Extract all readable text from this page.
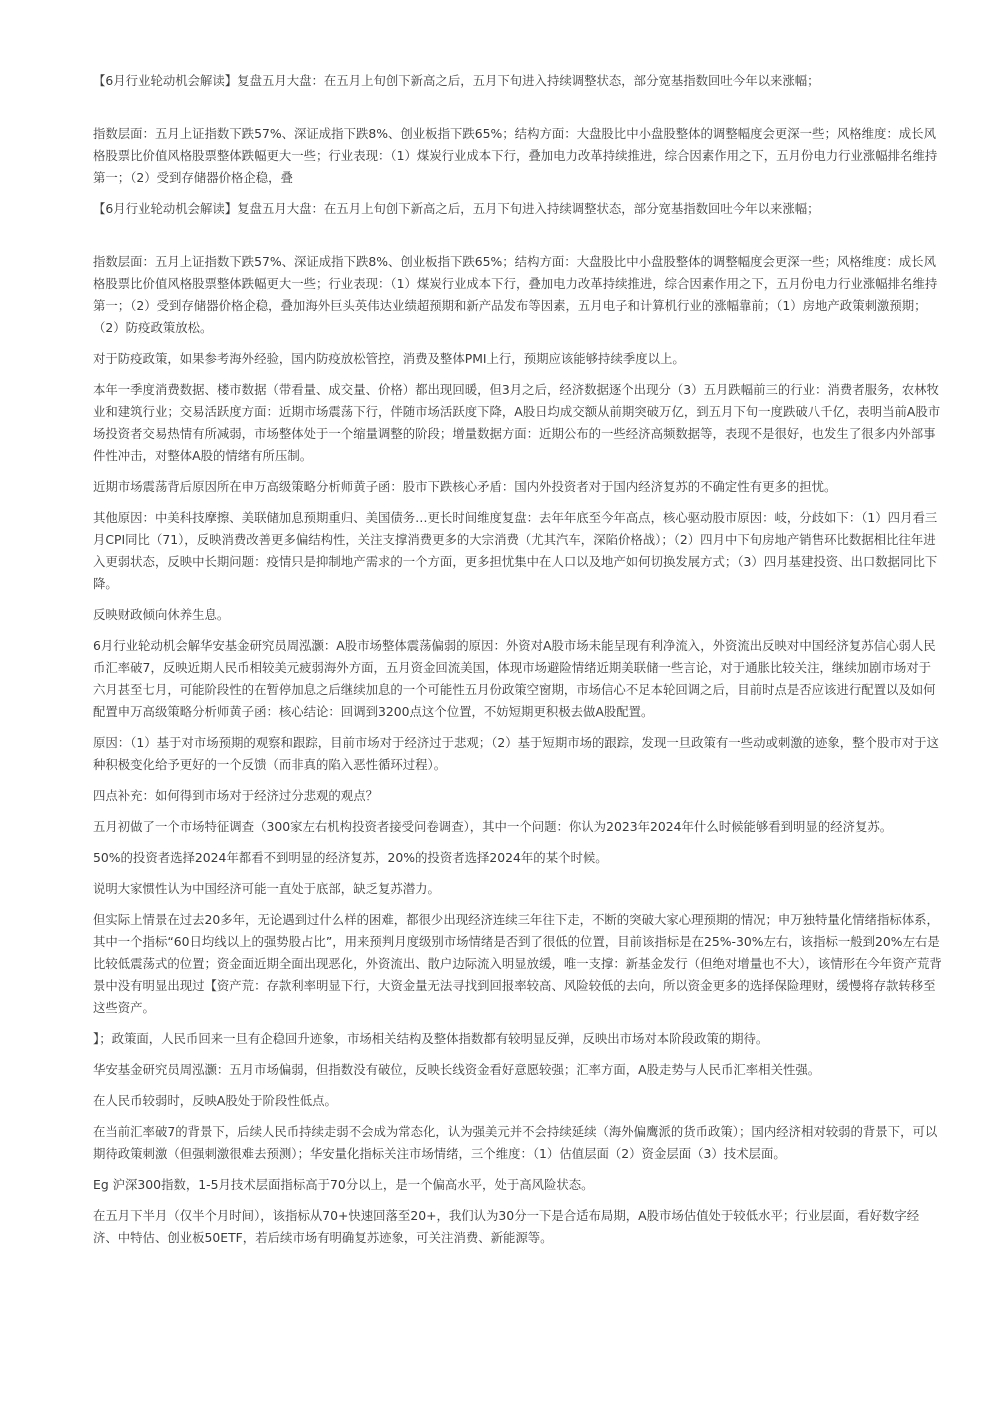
【6月行业轮动机会解读】复盘五月大盘：在五月上旬创下新高之后，五月下旬进入持续调整状态，部分宽基指数回吐今年以来涨幅；

指数层面：五月上证指数下跌57%、深证成指下跌8%、创业板指下跌65%；结构方面：大盘股比中小盘股整体的调整幅度会更深一些；风格维度：成长风格股票比价值风格股票整体跌幅更大一些；行业表现：（1）煤炭行业成本下行，叠加电力改革持续推进，综合因素作用之下，五月份电力行业涨幅排名维持第一；（2）受到存储器价格企稳，叠

【6月行业轮动机会解读】复盘五月大盘：在五月上旬创下新高之后，五月下旬进入持续调整状态，部分宽基指数回吐今年以来涨幅；

指数层面：五月上证指数下跌57%、深证成指下跌8%、创业板指下跌65%；结构方面：大盘股比中小盘股整体的调整幅度会更深一些；风格维度：成长风格股票比价值风格股票整体跌幅更大一些；行业表现：（1）煤炭行业成本下行，叠加电力改革持续推进，综合因素作用之下，五月份电力行业涨幅排名维持第一；（2）受到存储器价格企稳，叠加海外巨头英伟达业绩超预期和新产品发布等因素，五月电子和计算机行业的涨幅靠前；（1）房地产政策刺激预期；（2）防疫政策放松。

对于防疫政策，如果参考海外经验，国内防疫放松管控，消费及整体PMI上行，预期应该能够持续季度以上。

本年一季度消费数据、楼市数据（带看量、成交量、价格）都出现回暖，但3月之后，经济数据逐个出现分（3）五月跌幅前三的行业：消费者服务，农林牧业和建筑行业；交易活跃度方面：近期市场震荡下行，伴随市场活跃度下降，A股日均成交额从前期突破万亿，到五月下旬一度跌破八千亿，表明当前A股市场投资者交易热情有所减弱，市场整体处于一个缩量调整的阶段；增量数据方面：近期公布的一些经济高频数据等，表现不是很好，也发生了很多内外部事件性冲击，对整体A股的情绪有所压制。

近期市场震荡背后原因所在申万高级策略分析师黄子函：股市下跌核心矛盾：国内外投资者对于国内经济复苏的不确定性有更多的担忧。

其他原因：中美科技摩擦、美联储加息预期重归、美国债务…更长时间维度复盘：去年年底至今年高点，核心驱动股市原因：岐，分歧如下：（1）四月看三月CPI同比（71），反映消费改善更多偏结构性，关注支撑消费更多的大宗消费（尤其汽车，深陷价格战）；（2）四月中下旬房地产销售环比数据相比往年进入更弱状态，反映中长期问题：疫情只是抑制地产需求的一个方面，更多担忧集中在人口以及地产如何切换发展方式；（3）四月基建投资、出口数据同比下降。

反映财政倾向休养生息。

6月行业轮动机会解华安基金研究员周泓灏：A股市场整体震荡偏弱的原因：外资对A股市场未能呈现有利净流入，外资流出反映对中国经济复苏信心弱人民币汇率破7，反映近期人民币相较美元疲弱海外方面，五月资金回流美国，体现市场避险情绪近期美联储一些言论，对于通胀比较关注，继续加剧市场对于六月甚至七月，可能阶段性的在暂停加息之后继续加息的一个可能性五月份政策空窗期，市场信心不足本轮回调之后，目前时点是否应该进行配置以及如何配置申万高级策略分析师黄子函：核心结论：回调到3200点这个位置，不妨短期更积极去做A股配置。

原因：（1）基于对市场预期的观察和跟踪，目前市场对于经济过于悲观；（2）基于短期市场的跟踪，发现一旦政策有一些动或刺激的迹象，整个股市对于这种积极变化给予更好的一个反馈（而非真的陷入恶性循环过程）。

四点补充：如何得到市场对于经济过分悲观的观点？

五月初做了一个市场特征调查（300家左右机构投资者接受问卷调查），其中一个问题：你认为2023年2024年什么时候能够看到明显的经济复苏。

50%的投资者选择2024年都看不到明显的经济复苏，20%的投资者选择2024年的某个时候。

说明大家惯性认为中国经济可能一直处于底部，缺乏复苏潜力。

但实际上情景在过去20多年，无论遇到过什么样的困难，都很少出现经济连续三年往下走，不断的突破大家心理预期的情况；申万独特量化情绪指标体系，其中一个指标“60日均线以上的强势股占比”，用来预判月度级别市场情绪是否到了很低的位置，目前该指标是在25%-30%左右，该指标一般到20%左右是比较低震荡式的位置；资金面近期全面出现恶化，外资流出、散户边际流入明显放缓，唯一支撑：新基金发行（但绝对增量也不大），该情形在今年资产荒背景中没有明显出现过【资产荒：存款利率明显下行，大资金量无法寻找到回报率较高、风险较低的去向，所以资金更多的选择保险理财，缓慢将存款转移至这些资产。

】；政策面，人民币回来一旦有企稳回升迹象，市场相关结构及整体指数都有较明显反弹，反映出市场对本阶段政策的期待。

华安基金研究员周泓灏：五月市场偏弱，但指数没有破位，反映长线资金看好意愿较强；汇率方面，A股走势与人民币汇率相关性强。

在人民币较弱时，反映A股处于阶段性低点。

在当前汇率破7的背景下，后续人民币持续走弱不会成为常态化，认为强美元并不会持续延续（海外偏鹰派的货币政策）；国内经济相对较弱的背景下，可以期待政策刺激（但强刺激很难去预测）；华安量化指标关注市场情绪，三个维度：（1）估值层面（2）资金层面（3）技术层面。

Eg 沪深300指数，1-5月技术层面指标高于70分以上，是一个偏高水平，处于高风险状态。

在五月下半月（仅半个月时间），该指标从70+快速回落至20+，我们认为30分一下是合适布局期，A股市场估值处于较低水平；行业层面，看好数字经济、中特估、创业板50ETF，若后续市场有明确复苏迹象，可关注消费、新能源等。
